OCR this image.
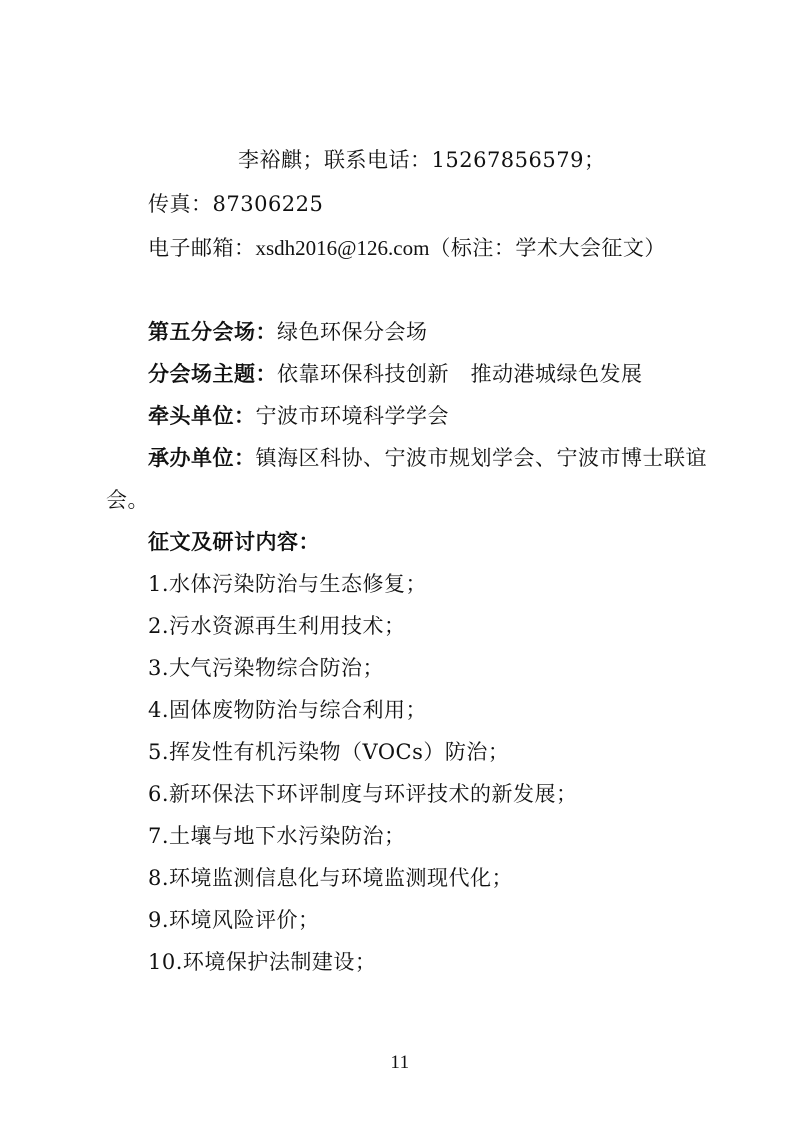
李裕麒；联系电话：15267856579；
传真：87306225
电子邮箱：xsdh2016@126.com（标注：学术大会征文）
第五分会场：绿色环保分会场
分会场主题：依靠环保科技创新　推动港城绿色发展
牵头单位：宁波市环境科学学会
承办单位：镇海区科协、宁波市规划学会、宁波市博士联谊
会。
征文及研讨内容：
1.水体污染防治与生态修复；
2.污水资源再生利用技术；
3.大气污染物综合防治；
4.固体废物防治与综合利用；
5.挥发性有机污染物（VOCs）防治；
6.新环保法下环评制度与环评技术的新发展；
7.土壤与地下水污染防治；
8.环境监测信息化与环境监测现代化；
9.环境风险评价；
10.环境保护法制建设；
11
